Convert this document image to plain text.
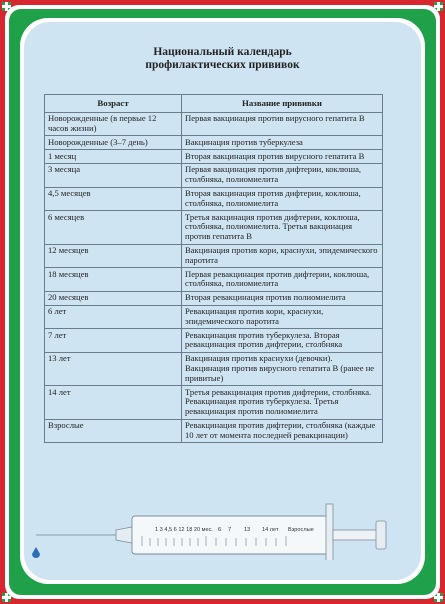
Национальный календарь
профилактических прививок
Возраст	Название прививки
Новорожденные (в первые 12 часов жизни)	Первая вакцинация против вирусного гепатита В
Новорожденные (3–7 день)	Вакцинация против туберкулеза
1 месяц	Вторая вакцинация против вирусного гепатита В
3 месяца	Первая вакцинация против дифтерии, коклюша, столбняка, полиомиелита
4,5 месяцев	Вторая вакцинация против дифтерии, коклюша, столбняка, полиомиелита
6 месяцев	Третья вакцинация против дифтерии, коклюша, столбняка, полиомиелита. Третья вакцинация против гепатита В
12 месяцев	Вакцинация против кори, краснухи, эпидемического паротита
18 месяцев	Первая ревакцинация против дифтерии, коклюша, столбняка, полиомиелита
20 месяцев	Вторая ревакцинация против полиомиелита
6 лет	Ревакцинация против кори, краснухи, эпидемического паротита
7 лет	Ревакцинация против туберкулеза. Вторая ревакцинация против дифтерии, столбняка
13 лет	Вакцинация против краснухи (девочки). Вакцинация против вирусного гепатита В (ранее не привитые)
14 лет	Третья ревакцинация против дифтерии, столбняка. Ревакцинация против туберкулеза. Третья ревакцинация против полиомиелита
Взрослые	Ревакцинация против дифтерии, столбняка (каждые 10 лет от момента последней ревакцинации)
1 3 4,5 6 12 18 20 мес. 6 7 13 14 лет Взрослые
